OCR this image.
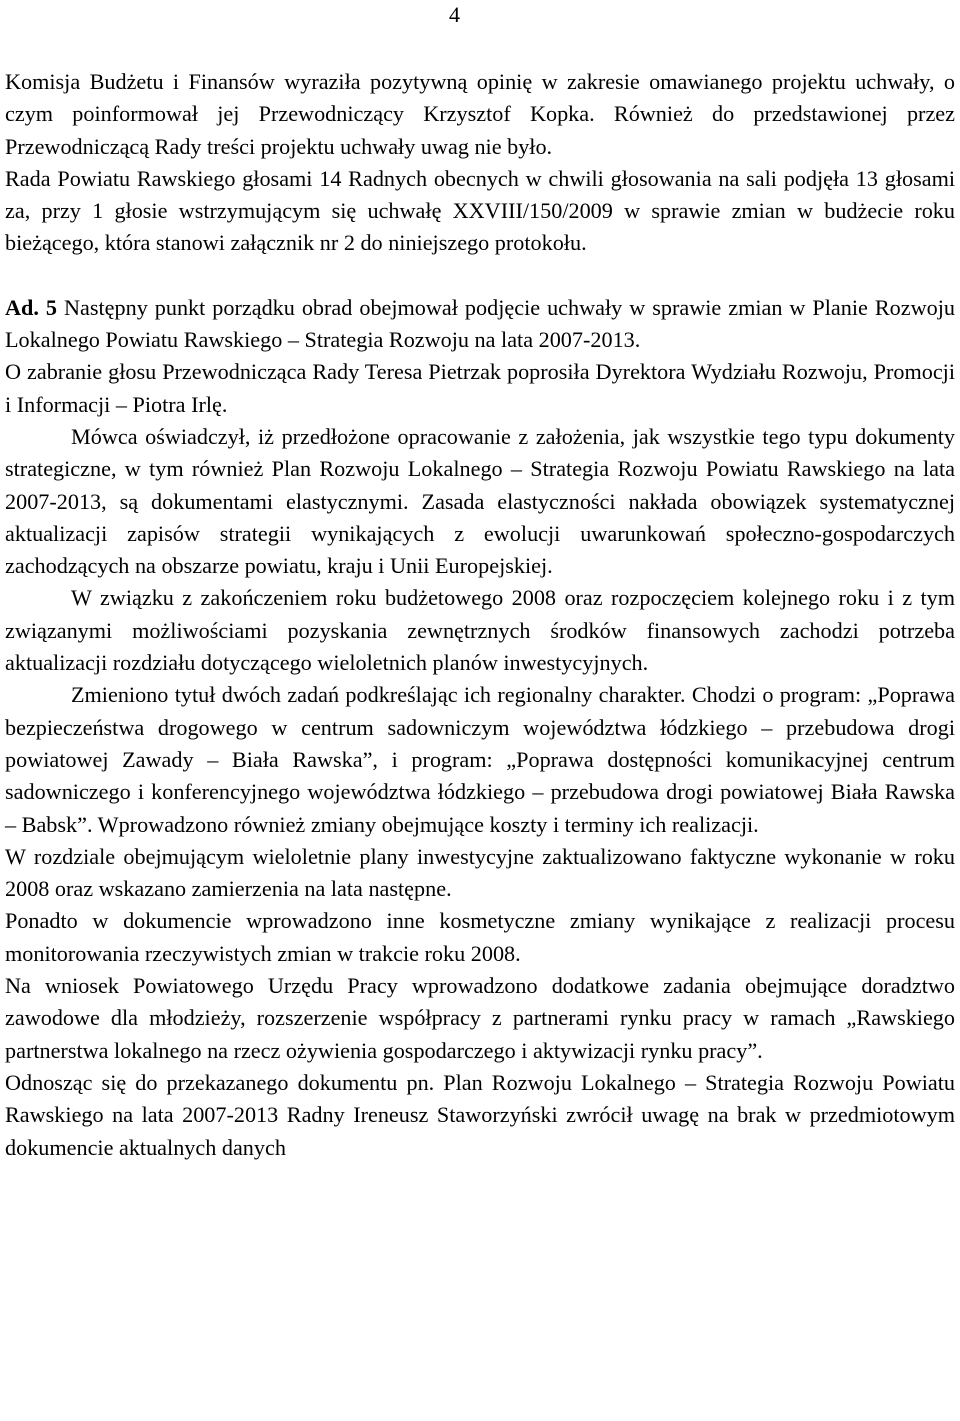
4

Komisja Budżetu i Finansów wyraziła pozytywną opinię w zakresie omawianego projektu uchwały, o czym poinformował jej Przewodniczący Krzysztof Kopka. Również do przedstawionej przez Przewodniczącą Rady treści projektu uchwały uwag nie było.

Rada Powiatu Rawskiego głosami 14 Radnych obecnych w chwili głosowania na sali podjęła 13 głosami za, przy 1 głosie wstrzymującym się uchwałę XXVIII/150/2009 w sprawie zmian w budżecie roku bieżącego, która stanowi załącznik nr 2 do niniejszego protokołu.

Ad. 5 Następny punkt porządku obrad obejmował podjęcie uchwały w sprawie zmian w Planie Rozwoju Lokalnego Powiatu Rawskiego – Strategia Rozwoju na lata 2007-2013.

O zabranie głosu Przewodnicząca Rady Teresa Pietrzak poprosiła Dyrektora Wydziału Rozwoju, Promocji i Informacji – Piotra Irlę.

Mówca oświadczył, iż przedłożone opracowanie z założenia, jak wszystkie tego typu dokumenty strategiczne, w tym również Plan Rozwoju Lokalnego – Strategia Rozwoju Powiatu Rawskiego na lata 2007-2013, są dokumentami elastycznymi. Zasada elastyczności nakłada obowiązek systematycznej aktualizacji zapisów strategii wynikających z ewolucji uwarunkowań społeczno-gospodarczych zachodzących na obszarze powiatu, kraju i Unii Europejskiej.

W związku z zakończeniem roku budżetowego 2008 oraz rozpoczęciem kolejnego roku i z tym związanymi możliwościami pozyskania zewnętrznych środków finansowych zachodzi potrzeba aktualizacji rozdziału dotyczącego wieloletnich planów inwestycyjnych.

Zmieniono tytuł dwóch zadań podkreślając ich regionalny charakter. Chodzi o program: „Poprawa bezpieczeństwa drogowego w centrum sadowniczym województwa łódzkiego – przebudowa drogi powiatowej Zawady – Biała Rawska”, i program: „Poprawa dostępności komunikacyjnej centrum sadowniczego i konferencyjnego województwa łódzkiego – przebudowa drogi powiatowej Biała Rawska – Babsk”. Wprowadzono również zmiany obejmujące koszty i terminy ich realizacji.

W rozdziale obejmującym wieloletnie plany inwestycyjne zaktualizowano faktyczne wykonanie w roku 2008 oraz wskazano zamierzenia na lata następne.

Ponadto w dokumencie wprowadzono inne kosmetyczne zmiany wynikające z realizacji procesu monitorowania rzeczywistych zmian w trakcie roku 2008.

Na wniosek Powiatowego Urzędu Pracy wprowadzono dodatkowe zadania obejmujące doradztwo zawodowe dla młodzieży, rozszerzenie współpracy z partnerami rynku pracy w ramach „Rawskiego partnerstwa lokalnego na rzecz ożywienia gospodarczego i aktywizacji rynku pracy”.

Odnosząc się do przekazanego dokumentu pn. Plan Rozwoju Lokalnego – Strategia Rozwoju Powiatu Rawskiego na lata 2007-2013 Radny Ireneusz Staworzyński zwrócił uwagę na brak w przedmiotowym dokumencie aktualnych danych
